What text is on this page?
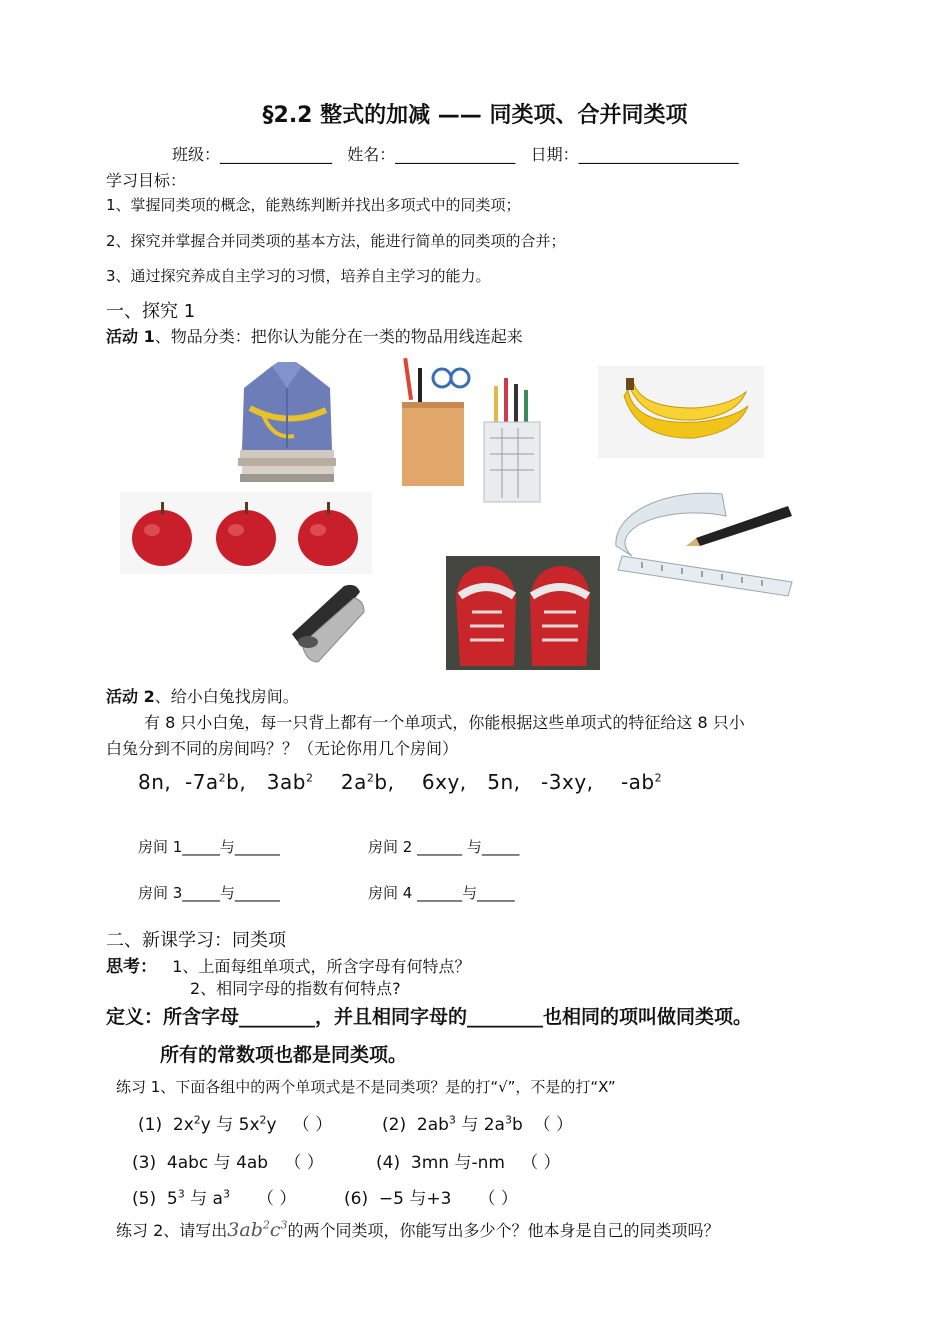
§2.2 整式的加减 —— 同类项、合并同类项
班级：______________ 姓名：_______________ 日期：____________________
学习目标：
1、掌握同类项的概念，能熟练判断并找出多项式中的同类项；
2、探究并掌握合并同类项的基本方法，能进行简单的同类项的合并；
3、通过探究养成自主学习的习惯，培养自主学习的能力。
一、探究 1
活动 1、物品分类：把你认为能分在一类的物品用线连起来
活动 2、给小白兔找房间。
有 8 只小白兔，每一只背上都有一个单项式，你能根据这些单项式的特征给这 8 只小
白兔分到不同的房间吗？？（无论你用几个房间）
8n,  $-7a^2b$,   $3ab^2$    $2a^2b$,    6xy,   5n,   -3xy,    $-ab^2$
房间 1_____与______	房间 2 ______ 与_____
房间 3_____与______	房间 4 ______与_____
二、新课学习：同类项
思考： 1、上面每组单项式，所含字母有何特点？
2、相同字母的指数有何特点?
定义：所含字母________，并且相同字母的________也相同的项叫做同类项。
所有的常数项也都是同类项。
练习 1、下面各组中的两个单项式是不是同类项？是的打“√”，不是的打“X”
(1)  $2x^2y$ 与 $5x^2y$   （ ）	(2)  $2ab^3$ 与 $2a^3b$  （ ）
(3)  4abc 与 4ab   （ ）	(4)  3mn 与-nm   （ ）
(5)  $5^3$ 与 $a^3$ （ ）	(6)  −5 与+3     （ ）
练习 2、请写出$3ab^2c^3$的两个同类项，你能写出多少个？他本身是自己的同类项吗？
